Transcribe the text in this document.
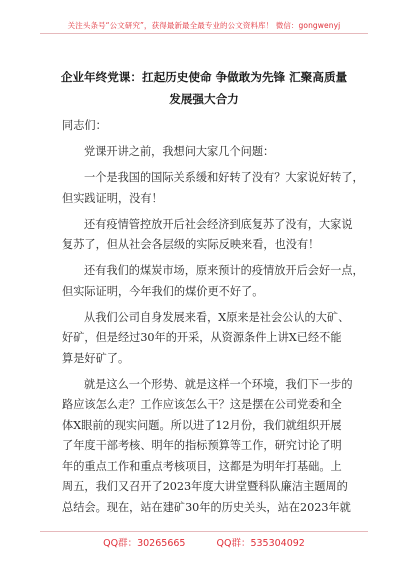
关注头条号“公文研究”，获得最新最全最专业的公文资料库！ 微信：gongwenyj
企业年终党课：扛起历史使命 争做敢为先锋 汇聚高质量
发展强大合力

同志们：

党课开讲之前，我想问大家几个问题：

一个是我国的国际关系缓和好转了没有？大家说好转了，
但实践证明，没有！

还有疫情管控放开后社会经济到底复苏了没有，大家说
复苏了，但从社会各层级的实际反映来看，也没有！

还有我们的煤炭市场，原来预计的疫情放开后会好一点，
但实际证明，今年我们的煤价更不好了。

从我们公司自身发展来看，X原来是社会公认的大矿、
好矿，但是经过30年的开采，从资源条件上讲X已经不能
算是好矿了。

就是这么一个形势、就是这样一个环境，我们下一步的
路应该怎么走？工作应该怎么干？这是摆在公司党委和全
体X眼前的现实问题。所以进了12月份，我们就组织开展
了年度干部考核、明年的指标预算等工作，研究讨论了明
年的重点工作和重点考核项目，这都是为明年打基础。上
周五，我们又召开了2023年度大讲堂暨科队廉洁主题周的
总结会。现在，站在建矿30年的历史关头，站在2023年就

QQ群：30265665	QQ群：535304092
